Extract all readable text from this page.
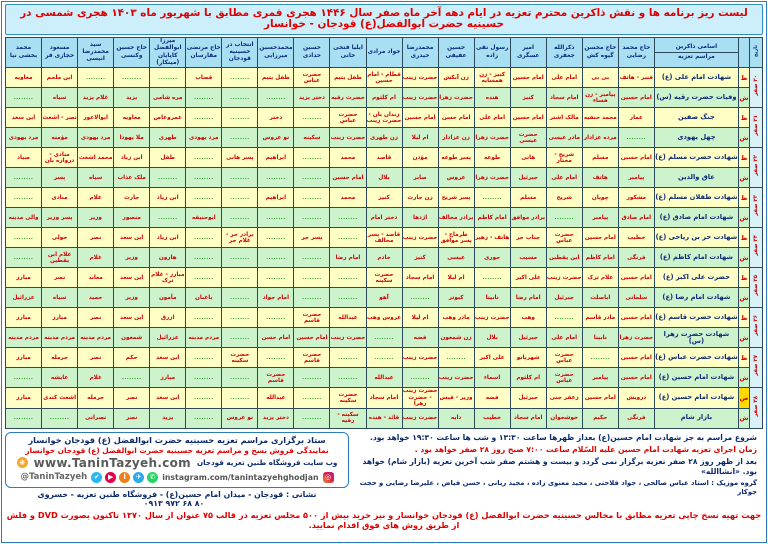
لیست ریز برنامه ها و نقش ذاکرین محترم تعزیه در ایام دهه آخر ماه صفر سال ۱۴۴۶ هجری قمری مطابق با شهریور ماه ۱۴۰۳ هجری شمسی در حسینیه حضرت ابوالفضل(ع) قودجان - خوانسار
تاریخ		اسامی ذاکرین
مراسم تعزیه	حاج محمد رضایی	حاج محسن گیوه کش	ذکرالله جعفری	امیر عسگری	رسول نقی زاده	حسین عفیفی	محمدرضا حیدری	جواد مرادی	ایلیا فتحی خانی	حسین حدادی	محمدحسین میرزایی	انتخاب در حسینیه قودجان	حاج مرتضی مقارسان	میرزا ابوالفضل کاپایان (مینکار)	حاج حسین وکنسی	سید محمدرضا انیسی	مسعود حجازی فر	محمد بخشی نیا
۲۰ صفر	ظ	شهادت امام علی (ع)	قنبر - هاتف	بی بی	امام علی	امام حسین	کنیز - زن همسایه	زن آبکش	حضرت زینب	قطام - امام حسین	طفل یتیم	حضرت عباس	طفل یتیم	........	قصاب	........	........	........	ابن ملجم	معاویه
	ش	وفیات حضرت رقیه (س)	امام حسین	پیامبر - زن فساء	امام سجاد	کنیز	هنده	حضرت زهرا	حضرت زینب	ام کلثوم	حضرت رقیه	دختر یزید	........	........	........	مره شامی	یزید	غلام یزید	سیاه	........
۲۱ صفر	ظ	جنگ صفین	عمار	محمد حنفیه	مالک اشتر	امام حسین	امام علی	امام حسن	امام حسین	زندان بان - حضرت زینب	حضرت عباس	........	دختر	........	........	عمروعاص	معاویه	ابوالاعور	نصر - اشعث	ابن سعد
	ش	چهل یهودی	........	مرده عزادار	مادر عیسی	حضرت عیسی	حضرت زهرا	زن عزادار	ام لیلا	زن طهری	حضرت زینب	سکینه	نو عروس	........	مرد یهودی	طهری	ملا یهودا	مرد یهودی	مؤمنه	مرد یهودی
۲۲ صفر	ظ	شهادت حضرت مسلم (ع)	امام حسین	مسلم	شریح - مختار	هانی	طوعه	پسر طوعه	مؤذن	قاصد	محمد	........	ابراهیم	پسر هانی	........	طفل	ابن زیاد	محمد اشعث	منادی - دروازه بان	صیاد
	ش	عاق والدین	پیامبر	هاتف	امام علی	جبرئیل	حضرت زهرا	عروس	صابر	بلال	امام حسین	........	........	........	........	........	ملک عذاب	سیاه	پسر	........
۲۳ صفر	ظ	شهادت طفلان مسلم (ع)	مشکور	چوپان	شریح	مسلم	........	پسر شریح	زن حارث	کنیز	محمد	........	ابراهیم	........	........	ابن زیاد	حارث	غلام	منادی	........
	ش	شهادت امام صادق (ع)	امام صادق	پیامبر	........	برادر موافق	امام کاظم	برادر مخالف	اژدها	دختر امام	........	........	........	........	ابوحنیفه	........	منصور	وزیر	پسر وزیر	والی مدینه
۲۴ صفر	ظ	شهادت حر بن ریاحی (ع)	خطیب	امام حسین	حضرت عباس	جناب حر	هاتف - زهیر	طرماح - پسر موافق	حضرت زینب	قاصد - پسر مخالف	........	پسر حر	........	برادر حر - غلام حر	........	ابن زیاد	ابن سعد	نصر	خولی	........
	ش	شهادت امام کاظم (ع)	فرنگی	امام کاظم	ابن یقطین	مسیب	حوری	عیسی	کنیز	خادم	امام رضا	........	........	........	........	هارون	وزیر	غلام	غلام ابن یقطین	........
۲۵ صفر	ظ	حضرت علی اکبر (ع)	امام حسین	غلام ترک	حضرت زینب	علی اکبر	........	ام لیلا	امام سجاد	حضرت سکینه	........	........	........	........	........	مبارز - غلام ترک	ابن سعد	معاند	نصر	مبارز
	ش	شهادت امام رضا (ع)	سلمانی	اباصلت	جبرئیل	امام رضا	نابینا	کبوتر	........	آهو	........	........	امام جواد	........	باغبان	مأمون	وزیر	حمید	سیاه	عزرائیل
۲۶ صفر	ظ	شهادت حضرت قاسم (ع)	امام حسین	مادر قاسم	........	وهب	حضرت زینب	مادر وهب	ام لیلا	عروس وهب	عبدالله	حضرت قاسم	........	........	........	ازرق	ابن سعد	نصر	مبارز	مبارز
	ش	شهادت حضرت زهرا (س)	حضرت زهرا	نابینا	امام علی	جبرئیل	بلال	زن شمعون	فضه	........	حضرت زینب	امام حسین	امام حسن	........	مردم مدینه	عزرائیل	شمعون	مردم مدینه	مردم مدینه	مردم مدینه
۲۷ صفر	ظ	شهادت حضرت عباس (ع)	امام حسین	........	حضرت عباس	شهربانو	علی اکبر	........	حضرت زینب	........	........	حضرت قاسم	........	حضرت سکینه	........	ابن سعد	حکم	نصر	حرمله	مبارز
	ش	شهادت امام حسین (ع)	امام حسین	پیامبر	حضرت عباس	ام کلثوم	اسماء	حضرت زینب	........	عبدالله	........	........	حضرت قاسم	........	........	مبارز	........	غلام	عایشه	........
۲۸ صفر	ص	شهادت امام حسین (ع)	درویش	امام حسین	زعفر جنی	جبرئیل	فضه	وزیر - قیس	حضرت زینب - حضرت زهرا	امام سجاد	حضرت سکینه	........	عبدالله	........	........	ابن سعد	نصر	حرمله	اشعث کندی	مبارز
	ش	بازار شام	فرنگی	حکیم	خوشخوان	امام سجاد	خطیب	دایه	حضرت زینب	قائد - هنده	سکینه - رقیه	........	دختر یزید	نو عروس	........	یزید	نصر	نصرانی	........	........
شروع مراسم به جز شهادت امام حسین(ع) بعداز ظهرها ساعت ۱۳:۳۰ و شب ها ساعت ۱۹:۳۰ خواهد بود.
زمان اجرای تعزیه شهادت امام حسین علیه السّلام ساعت ۷:۰۰ صبح روز ۲۸ صفر خواهد بود .
بعد از ظهر روز ۲۸ صفر تعزیه برگزار نمی گردد و بیست و هشتم صفر شب آخرین تعزیه (بازار شام) خواهد بود. «انشاالله»
گروه موزیک : استاد عباس صالحی ، جواد فلاحتی ، مجید معنوی زاده ، مجید ربانی ، حسن فیاض ، علیرضا رضایی و حجت جوکار
ستاد برگزاری مراسم تعزیه حسینیه حضرت ابوالفضل (ع) قودجان خوانسار
نمایندگی فروش نسخ و مراسم تعزیه حسینیه حضرت ابوالفضل (ع) قودجان خوانسار
وب سایت فروشگاه طنین تعزیه قودجان
www.TaninTazyeh.com
❋
◎
instagram.com/tanintazyehghodjan
✆
✈
ا
▶
✔
@TaninTazyeh
نشانی : قودجان - میدان امام حسین(ع) - فروشگاه طنین تعزیه - خسروی ۰۹۱۳ ۹۷۲ ۶۸ ۸۰
جهت تهیه نسخ چاپی تعزیه مطابق با مجالس حسینیه حضرت ابوالفضل (ع) قودجان خوانسار و نیز خرید بیش از ۵۰۰ مجلس تعزیه در قالب ۷۵ عنوان از سال ۱۳۷۰ تاکنون بصورت DVD و فلش از طریق روش های فوق اقدام نمایید.
